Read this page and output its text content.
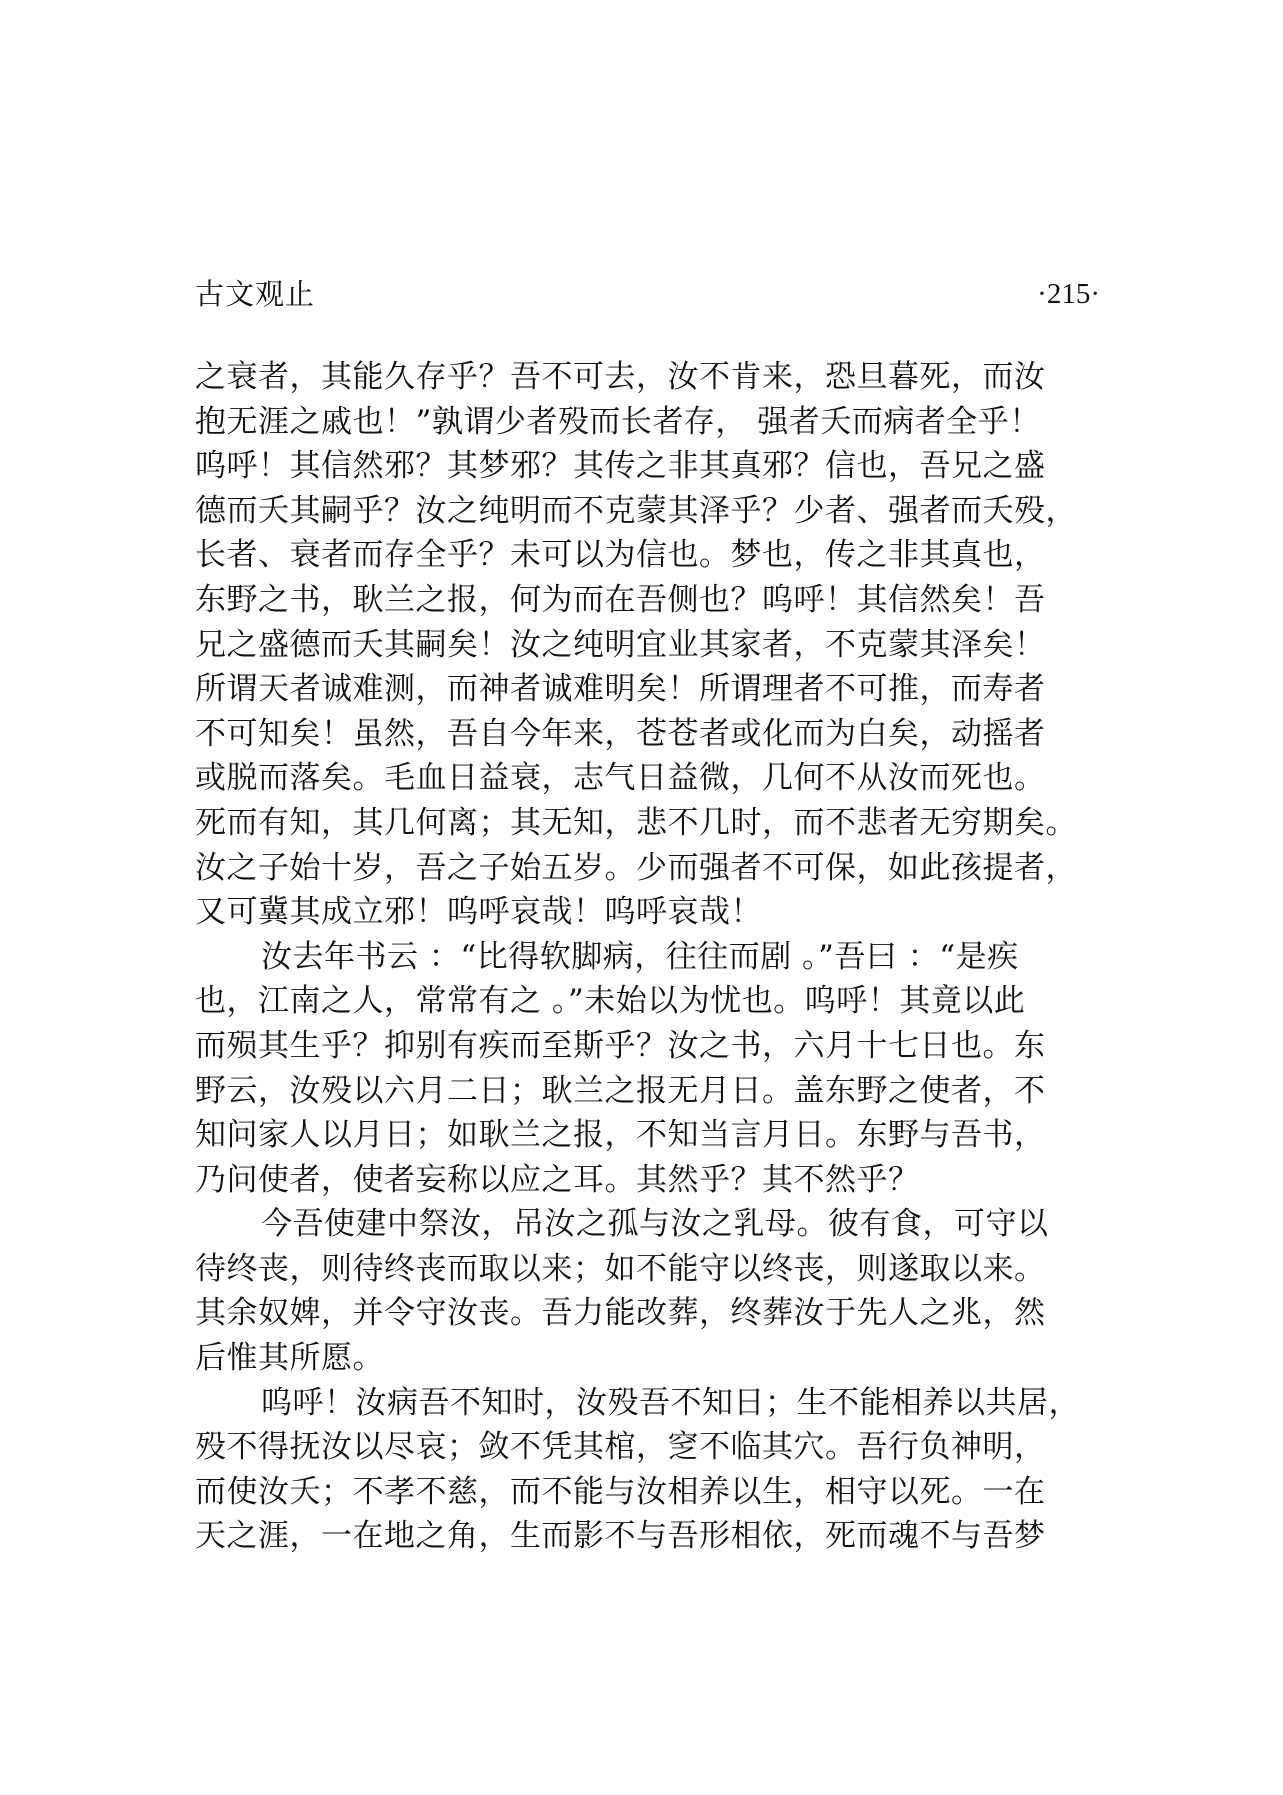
古文观止	·215·
之衰者，其能久存乎？吾不可去，汝不肯来，恐旦暮死，而汝
抱无涯之戚也！”孰谓少者殁而长者存， 强者夭而病者全乎！
呜呼！其信然邪？其梦邪？其传之非其真邪？信也，吾兄之盛
德而夭其嗣乎？汝之纯明而不克蒙其泽乎？少者、强者而夭殁，
长者、衰者而存全乎？未可以为信也。梦也，传之非其真也，
东野之书，耿兰之报，何为而在吾侧也？呜呼！其信然矣！吾
兄之盛德而夭其嗣矣！汝之纯明宜业其家者，不克蒙其泽矣！
所谓天者诚难测，而神者诚难明矣！所谓理者不可推，而寿者
不可知矣！虽然，吾自今年来，苍苍者或化而为白矣，动摇者
或脱而落矣。毛血日益衰，志气日益微，几何不从汝而死也。
死而有知，其几何离；其无知，悲不几时，而不悲者无穷期矣。
汝之子始十岁，吾之子始五岁。少而强者不可保，如此孩提者，
又可冀其成立邪！呜呼哀哉！呜呼哀哉！
汝去年书云 ：“比得软脚病，往往而剧 。”吾曰 ：“是疾
也，江南之人，常常有之 。”未始以为忧也。呜呼！其竟以此
而殒其生乎？抑别有疾而至斯乎？汝之书，六月十七日也。东
野云，汝殁以六月二日；耿兰之报无月日。盖东野之使者，不
知问家人以月日；如耿兰之报，不知当言月日。东野与吾书，
乃问使者，使者妄称以应之耳。其然乎？其不然乎？
今吾使建中祭汝，吊汝之孤与汝之乳母。彼有食，可守以
待终丧，则待终丧而取以来；如不能守以终丧，则遂取以来。
其余奴婢，并令守汝丧。吾力能改葬，终葬汝于先人之兆，然
后惟其所愿。
呜呼！汝病吾不知时，汝殁吾不知日；生不能相养以共居，
殁不得抚汝以尽哀；敛不凭其棺，窆不临其穴。吾行负神明，
而使汝夭；不孝不慈，而不能与汝相养以生，相守以死。一在
天之涯，一在地之角，生而影不与吾形相依，死而魂不与吾梦
